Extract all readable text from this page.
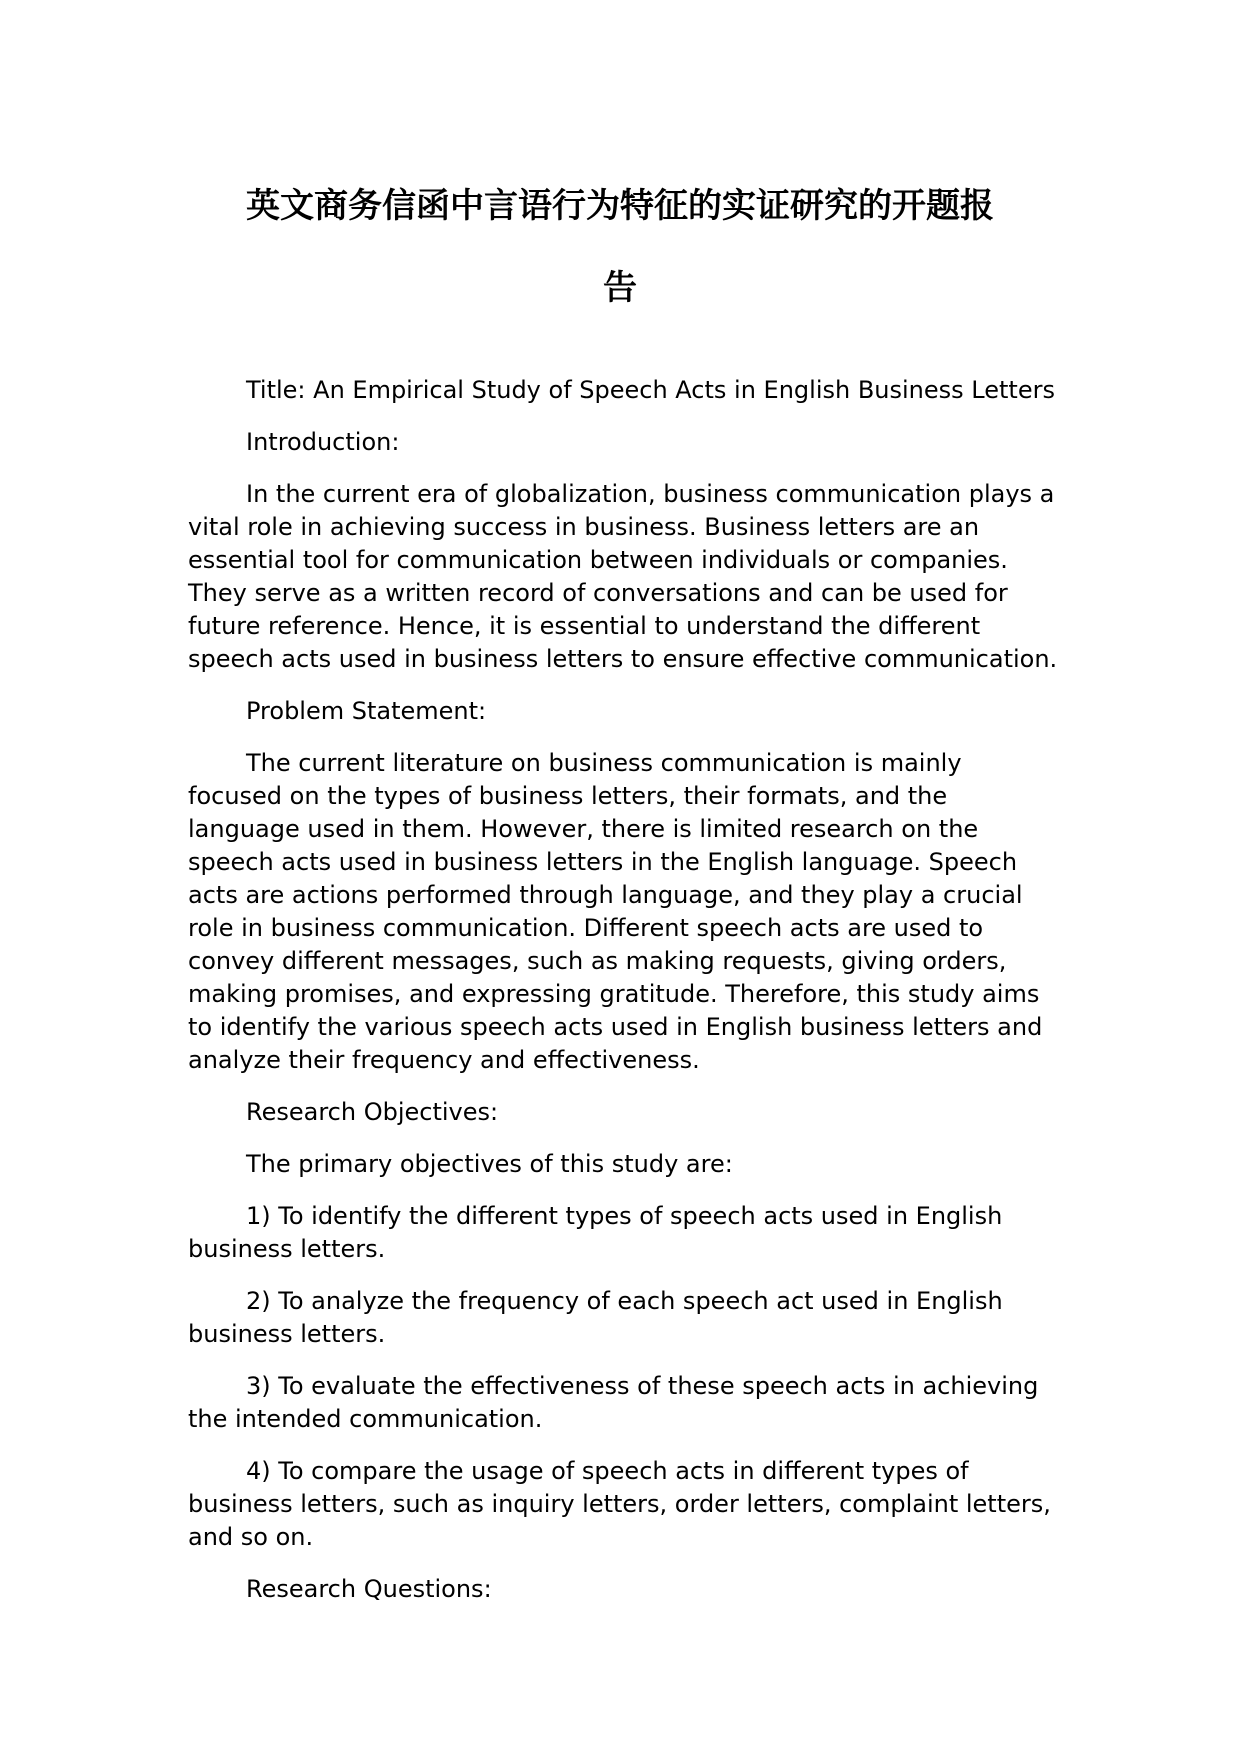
英文商务信函中言语行为特征的实证研究的开题报
告

Title: An Empirical Study of Speech Acts in English Business Letters

Introduction:

In the current era of globalization, business communication plays a vital role in achieving success in business. Business letters are an essential tool for communication between individuals or companies. They serve as a written record of conversations and can be used for future reference. Hence, it is essential to understand the different speech acts used in business letters to ensure effective communication.

Problem Statement:

The current literature on business communication is mainly focused on the types of business letters, their formats, and the language used in them. However, there is limited research on the speech acts used in business letters in the English language. Speech acts are actions performed through language, and they play a crucial role in business communication. Different speech acts are used to convey different messages, such as making requests, giving orders, making promises, and expressing gratitude. Therefore, this study aims to identify the various speech acts used in English business letters and analyze their frequency and effectiveness.

Research Objectives:

The primary objectives of this study are:

1) To identify the different types of speech acts used in English business letters.

2) To analyze the frequency of each speech act used in English business letters.

3) To evaluate the effectiveness of these speech acts in achieving the intended communication.

4) To compare the usage of speech acts in different types of business letters, such as inquiry letters, order letters, complaint letters, and so on.

Research Questions:
